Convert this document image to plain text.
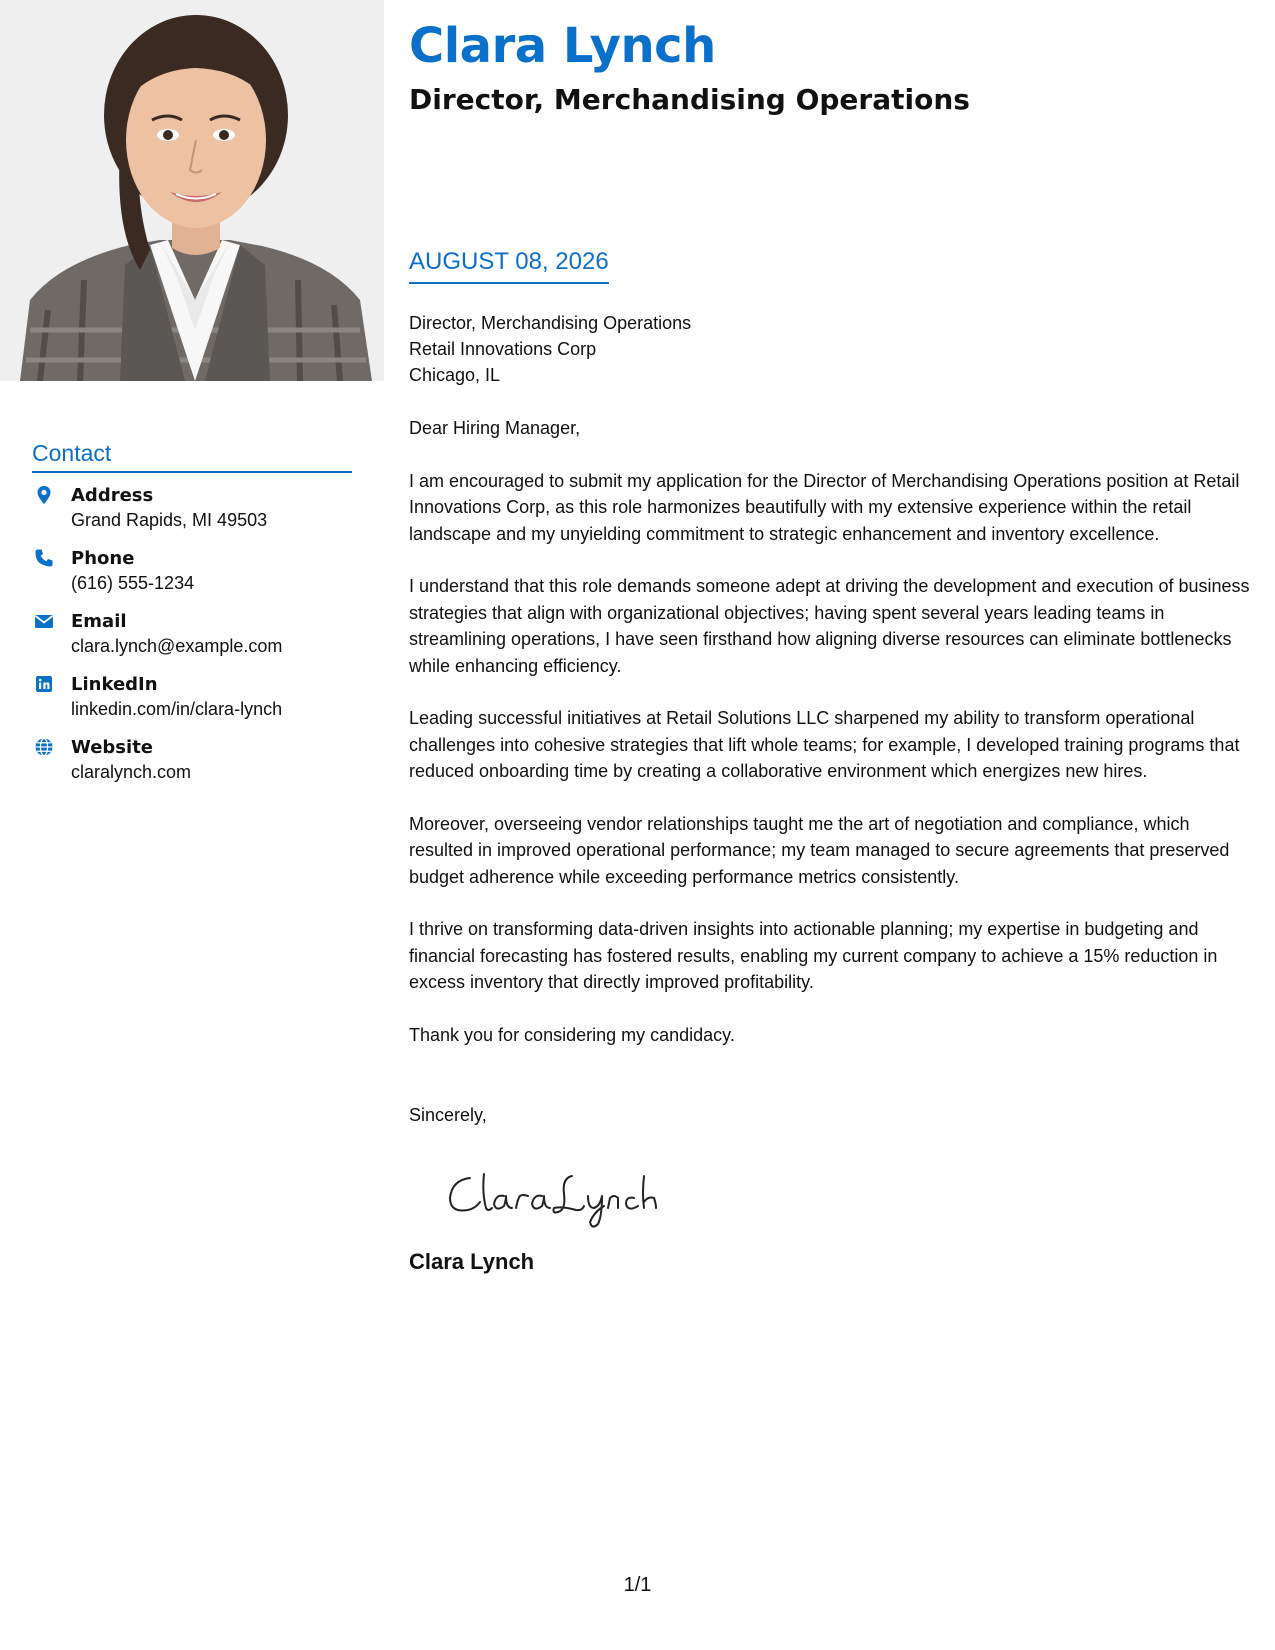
Clara Lynch
Director, Merchandising Operations
AUGUST 08, 2026
Director, Merchandising Operations
Retail Innovations Corp
Chicago, IL

Dear Hiring Manager,

I am encouraged to submit my application for the Director of Merchandising Operations position at Retail Innovations Corp, as this role harmonizes beautifully with my extensive experience within the retail landscape and my unyielding commitment to strategic enhancement and inventory excellence.

I understand that this role demands someone adept at driving the development and execution of business strategies that align with organizational objectives; having spent several years leading teams in streamlining operations, I have seen firsthand how aligning diverse resources can eliminate bottlenecks while enhancing efficiency.

Leading successful initiatives at Retail Solutions LLC sharpened my ability to transform operational challenges into cohesive strategies that lift whole teams; for example, I developed training programs that reduced onboarding time by creating a collaborative environment which energizes new hires.

Moreover, overseeing vendor relationships taught me the art of negotiation and compliance, which resulted in improved operational performance; my team managed to secure agreements that preserved budget adherence while exceeding performance metrics consistently.

I thrive on transforming data-driven insights into actionable planning; my expertise in budgeting and financial forecasting has fostered results, enabling my current company to achieve a 15% reduction in excess inventory that directly improved profitability.

Thank you for considering my candidacy.

Sincerely,
Clara Lynch
Contact
Address
Grand Rapids, MI 49503
Phone
(616) 555-1234
Email
clara.lynch@example.com
LinkedIn
linkedin.com/in/clara-lynch
Website
claralynch.com
1/1
